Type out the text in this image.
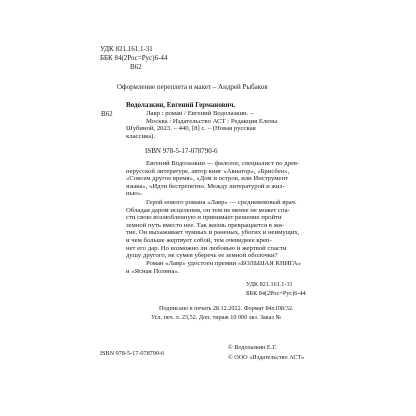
УДК 821.161.1-31
ББК 84(2Рос=Рус)6-44
В62
Оформление переплета и макет – Андрей Рыбаков
В62
Водолазкин, Евгений Германович.
Лавр : роман / Евгений Водолазкин. –
Москва : Издательство АСТ : Редакция Елены
Шубиной, 2023. – 440, [8] с. – (Новая русская
классика).
ISBN 978-5-17-078790-6
Евгений Водолазкин — филолог, специалист по древ-
нерусской литературе, автор книг «Авиатор», «Брисбен»,
«Совсем другое время», «Дом и остров, или Инструмент
языка», «Идти бестрепетно. Между литературой и жиз-
нью».
Герой нового романа «Лавр» — средневековый врач.
Обладая даром исцеления, он тем не менее не может спа-
сти свою возлюбленную и принимает решение пройти
земной путь вместо нее. Так жизнь превращается в жи-
тие. Он выхаживает чумных и раненых, убогих и неимущих,
и чем больше жертвует собой, тем очевиднее креп-
нет его дар. Но возможно ли любовью и жертвой спасти
душу другого, не сумев уберечь ее земной оболочки?
Роман «Лавр» удостоен премии «БОЛЬШАЯ КНИГА»
и «Ясная Поляна».
УДК 821.161.1-31
ББК 84(2Рос=Рус)6-44
Подписано в печать 28.12.2022. Формат 84х108/32.
Усл. печ. л. 23,52. Доп. тираж 10 000 экз. Заказ №
ISBN 978-5-17-078790-6
© Водолазкин Е.Г.
© ООО «Издательство АСТ»
